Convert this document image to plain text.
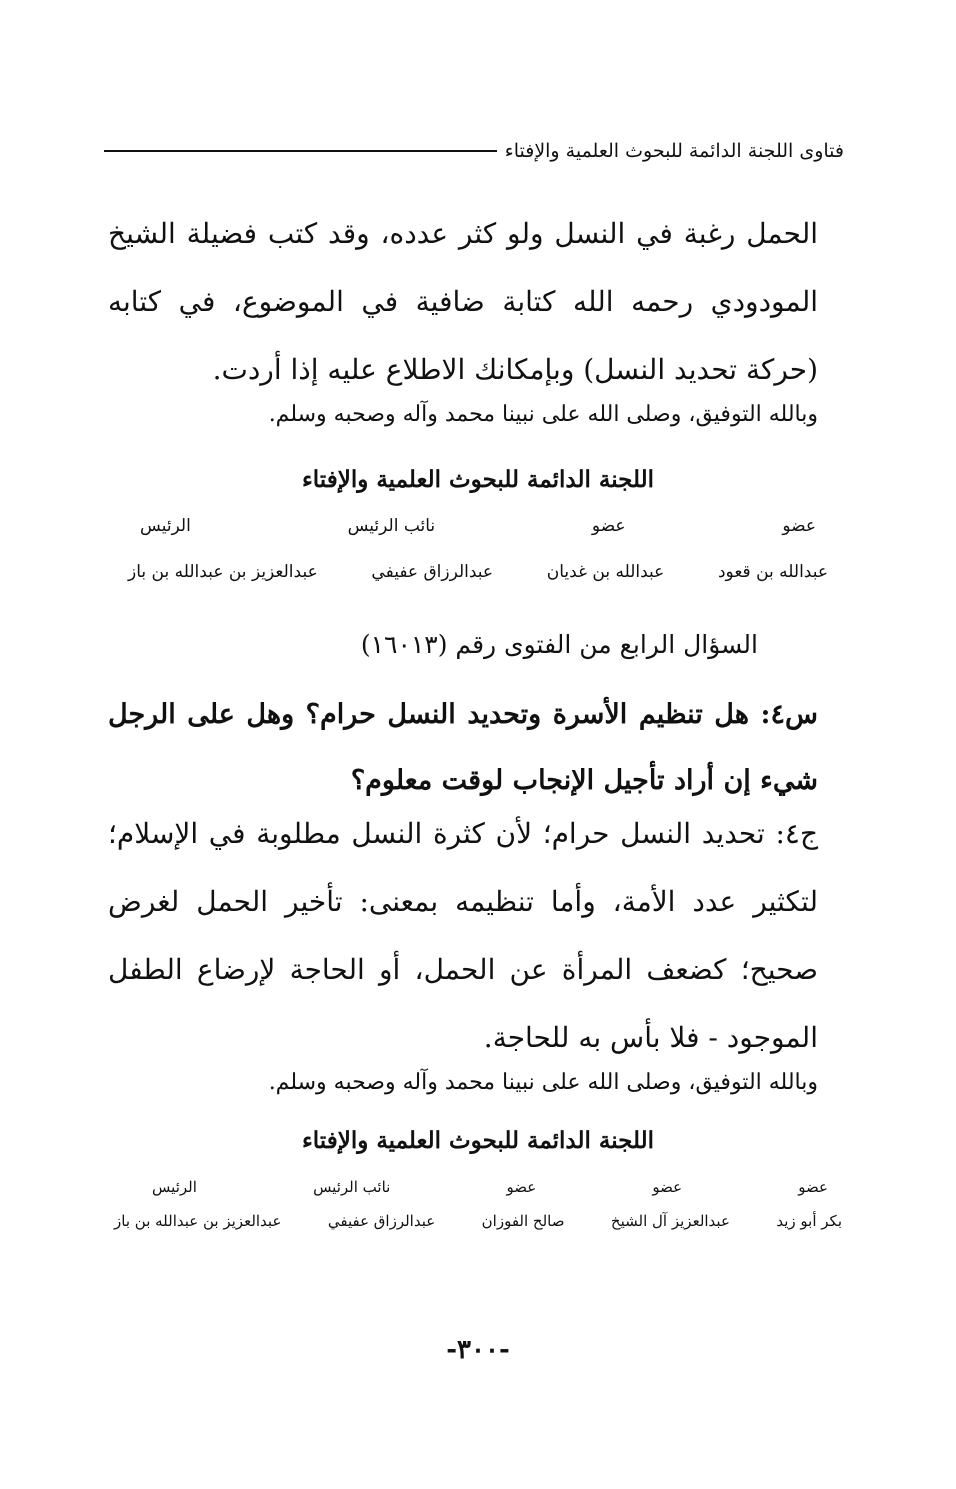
فتاوى اللجنة الدائمة للبحوث العلمية والإفتاء
الحمل رغبة في النسل ولو كثر عدده، وقد كتب فضيلة الشيخ المودودي رحمه الله كتابة ضافية في الموضوع، في كتابه (حركة تحديد النسل) وبإمكانك الاطلاع عليه إذا أردت.
وبالله التوفيق، وصلى الله على نبينا محمد وآله وصحبه وسلم.
اللجنة الدائمة للبحوث العلمية والإفتاء
عضو
عضو
نائب الرئيس
الرئيس
عبدالله بن قعود
عبدالله بن غديان
عبدالرزاق عفيفي
عبدالعزيز بن عبدالله بن باز
السؤال الرابع من الفتوى رقم (١٦٠١٣)
س٤: هل تنظيم الأسرة وتحديد النسل حرام؟ وهل على الرجل شيء إن أراد تأجيل الإنجاب لوقت معلوم؟
ج٤: تحديد النسل حرام؛ لأن كثرة النسل مطلوبة في الإسلام؛ لتكثير عدد الأمة، وأما تنظيمه بمعنى: تأخير الحمل لغرض صحيح؛ كضعف المرأة عن الحمل، أو الحاجة لإرضاع الطفل الموجود - فلا بأس به للحاجة.
وبالله التوفيق، وصلى الله على نبينا محمد وآله وصحبه وسلم.
اللجنة الدائمة للبحوث العلمية والإفتاء
عضو
عضو
عضو
نائب الرئيس
الرئيس
بكر أبو زيد
عبدالعزيز آل الشيخ
صالح الفوزان
عبدالرزاق عفيفي
عبدالعزيز بن عبدالله بن باز
-٣٠٠-
